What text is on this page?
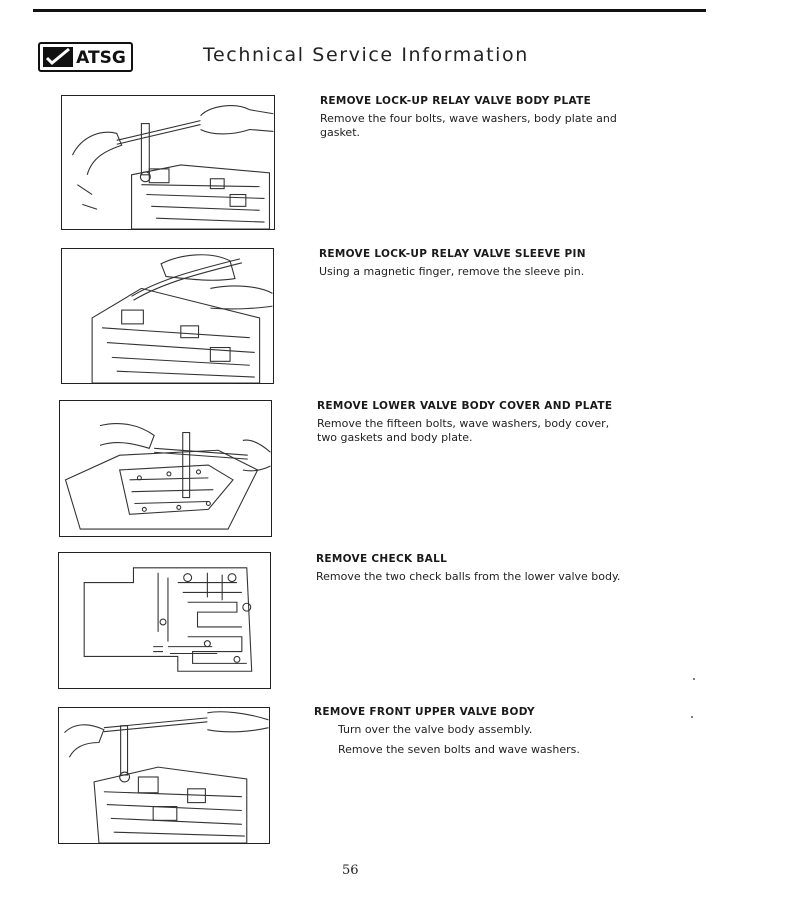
ATSG	Technical Service Information
REMOVE LOCK-UP RELAY VALVE BODY PLATE

Remove the four bolts, wave washers, body plate and gasket.

REMOVE LOCK-UP RELAY VALVE SLEEVE PIN

Using a magnetic finger, remove the sleeve pin.

REMOVE LOWER VALVE BODY COVER AND PLATE

Remove the fifteen bolts, wave washers, body cover, two gaskets and body plate.

REMOVE CHECK BALL

Remove the two check balls from the lower valve body.

REMOVE FRONT UPPER VALVE BODY

Turn over the valve body assembly.

Remove the seven bolts and wave washers.

56
